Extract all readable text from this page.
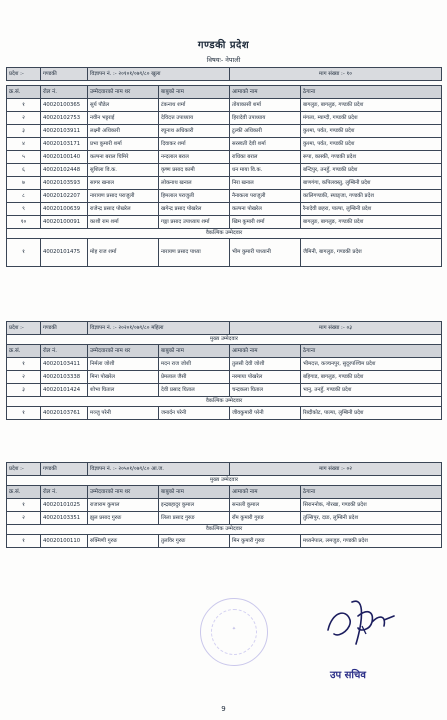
गण्डकी प्रदेश
विषयः- नेपाली
प्रदेश :-	गण्डकी	विज्ञापन नं. :- २०१०१/०७९/८० खुला		माग संख्या :- १०	

क्र.सं.	रोल नं.	उम्मेदवारको नाम थर	बाबुको नाम	आमाको नाम	ठेगाना
१	40020100365	सुर्य पौडेल	टंकनाथ शर्मा	तोयाकासी शर्मा	बागलुङ, बागलुङ, गण्डकी प्रदेश
२	40020102753	नवीन भट्टराई	देविदत्त उपाध्याय	हिरादेवी उपाध्याय	मंगला, म्याग्दी, गण्डकी प्रदेश
३	40020103911	लक्ष्मी अधिकारी	रघुनाथ अधिकारी	टुल्की अधिकारी	कुश्मा, पर्वत, गण्डकी प्रदेश
४	40020103171	प्रभा कुमारी शर्मा	दिवाकर शर्मा	सरस्वती देवी शर्मा	कुश्मा, पर्वत, गण्डकी प्रदेश
५	40020100140	कल्पना बराल घिमिरे	नन्दलाल बराल	राधिका बराल	रूपा, कास्की, गण्डकी प्रदेश
६	40020102448	सुशिला वि.क.	कृष्ण प्रसाद कामी	धन माया वि.क.	बन्दिपुर, तनहुँ, गण्डकी प्रदेश
७	40020103593	सागर खनाल	लोकनाथ खनाल	निरा खनाल	बाणगंगा, कपिलवस्तु, लुम्बिनी प्रदेश
८	40020102207	नारायण प्रसाद पराजुली	हिमलाल पराजुली	नैनाकला पराजुली	कालिगण्डकी, स्याङ्जा, गण्डकी प्रदेश
९	40020100639	राजेन्द्र प्रसाद पोखरेल	खगेन्द्र प्रसाद पोखरेल	कल्पना पोखरेल	रैनादेवी छहरा, पाल्पा, लुम्बिनी प्रदेश
१०	40020100091	काशी राम शर्मा	गङ्गा प्रसाद उपाध्याय शर्मा	खिम कुमारी शर्मा	बागलुङ, बागलुङ, गण्डकी प्रदेश
वैकल्पिक उम्मेदवार					
१	40020101475	मोह राज शर्मा	नारायण प्रसाद पाध्या	भीम कुमारी पाध्यानी	जैमिनी, बागलुङ, गण्डकी प्रदेश
प्रदेश :-	गण्डकी	विज्ञापन नं. :- २०२०१/०७९/८० महिला		माग संख्या :- ०३	
मुख्य उम्मेदवार					
क्र.सं.	रोल नं.	उम्मेदवारको नाम थर	बाबुको नाम	आमाको नाम	ठेगाना
१	40020103411	निर्मला जोशी	मदन राज जोशी	तुलसी देवी जोशी	भीमदत्त, कञ्चनपुर, सुदूरपश्चिम प्रदेश
२	40020103338	मिना पोखरेल	प्रेमलाल जैसी	नरमाया पोखरेल	बहिगाड, बागलुङ, गण्डकी प्रदेश
३	40020101424	शोभा घिताल	देवी प्रसाद घिताल	चन्द्रकला घिताल	भानु, तनहुँ, गण्डकी प्रदेश
वैकल्पिक उम्मेदवार					
१	40020103761	मञ्जु परेनी	जनार्दन परेनी	जीवकुमारी परेनी	रिब्दीकोट, पाल्पा, लुम्बिनी प्रदेश
प्रदेश :-	गण्डकी	विज्ञापन नं. :- २०५०१/०७९/८० आ.ज.		माग संख्या :- ०२	
मुख्य उम्मेदवार					
क्र.सं.	रोल नं.	उम्मेदवारको नाम थर	बाबुको नाम	आमाको नाम	ठेगाना
१	40020101025	राजाराम कुमाल	इन्द्रबहादुर कुमाल	सन्तली कुमाल	सिराननोक, गोरखा, गण्डकी प्रदेश
२	40020103351	झुल प्रसाद गुरुङ	लिला प्रसाद गुरुङ	राँम कुमारी गुरुङ	तुल्सिपुर, दाङ, लुम्बिनी प्रदेश
वैकल्पिक उम्मेदवार					
१	40020100110	रुक्मिणी गुरुङ	तुलविर गुरुङ	मिन कुमारी गुरुङ	मध्यनेपाल, लमजुङ, गण्डकी प्रदेश
✦
उप सचिव
9
